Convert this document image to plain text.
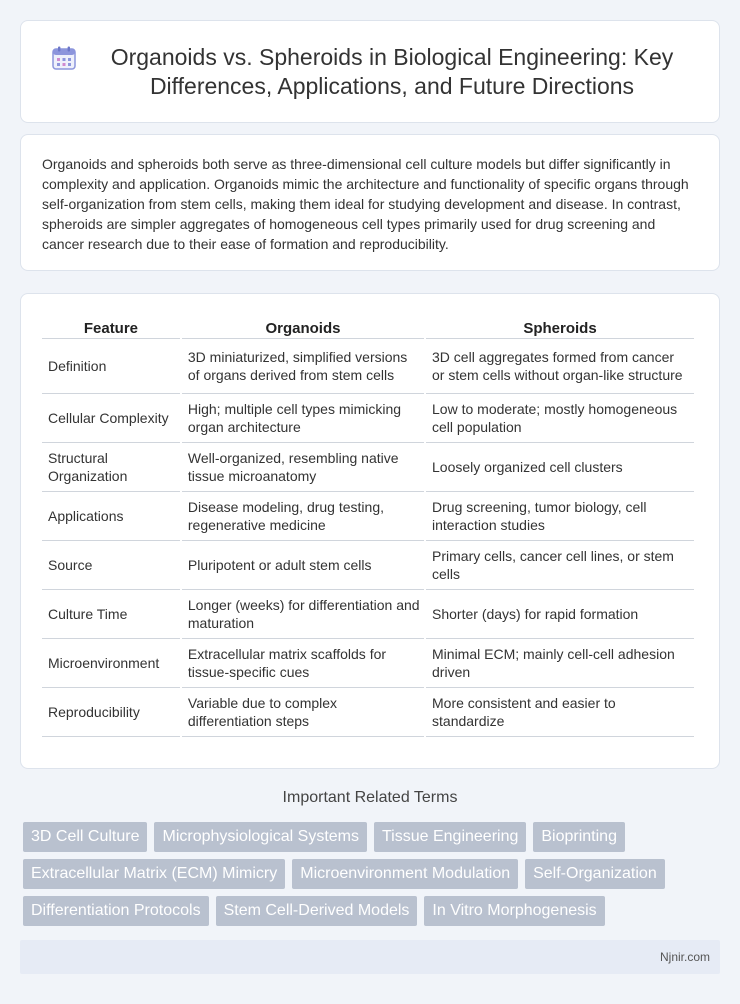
Organoids vs. Spheroids in Biological Engineering: Key Differences, Applications, and Future Directions

Organoids and spheroids both serve as three-dimensional cell culture models but differ significantly in complexity and application. Organoids mimic the architecture and functionality of specific organs through self-organization from stem cells, making them ideal for studying development and disease. In contrast, spheroids are simpler aggregates of homogeneous cell types primarily used for drug screening and cancer research due to their ease of formation and reproducibility.

Feature	Organoids	Spheroids
Definition	3D miniaturized, simplified versions of organs derived from stem cells	3D cell aggregates formed from cancer or stem cells without organ-like structure
Cellular Complexity	High; multiple cell types mimicking organ architecture	Low to moderate; mostly homogeneous cell population
Structural Organization	Well-organized, resembling native tissue microanatomy	Loosely organized cell clusters
Applications	Disease modeling, drug testing, regenerative medicine	Drug screening, tumor biology, cell interaction studies
Source	Pluripotent or adult stem cells	Primary cells, cancer cell lines, or stem cells
Culture Time	Longer (weeks) for differentiation and maturation	Shorter (days) for rapid formation
Microenvironment	Extracellular matrix scaffolds for tissue-specific cues	Minimal ECM; mainly cell-cell adhesion driven
Reproducibility	Variable due to complex differentiation steps	More consistent and easier to standardize
Important Related Terms
3D Cell Culture	Microphysiological Systems	Tissue Engineering	Bioprinting
Extracellular Matrix (ECM) Mimicry	Microenvironment Modulation	Self-Organization
Differentiation Protocols	Stem Cell-Derived Models	In Vitro Morphogenesis
Njnir.com
